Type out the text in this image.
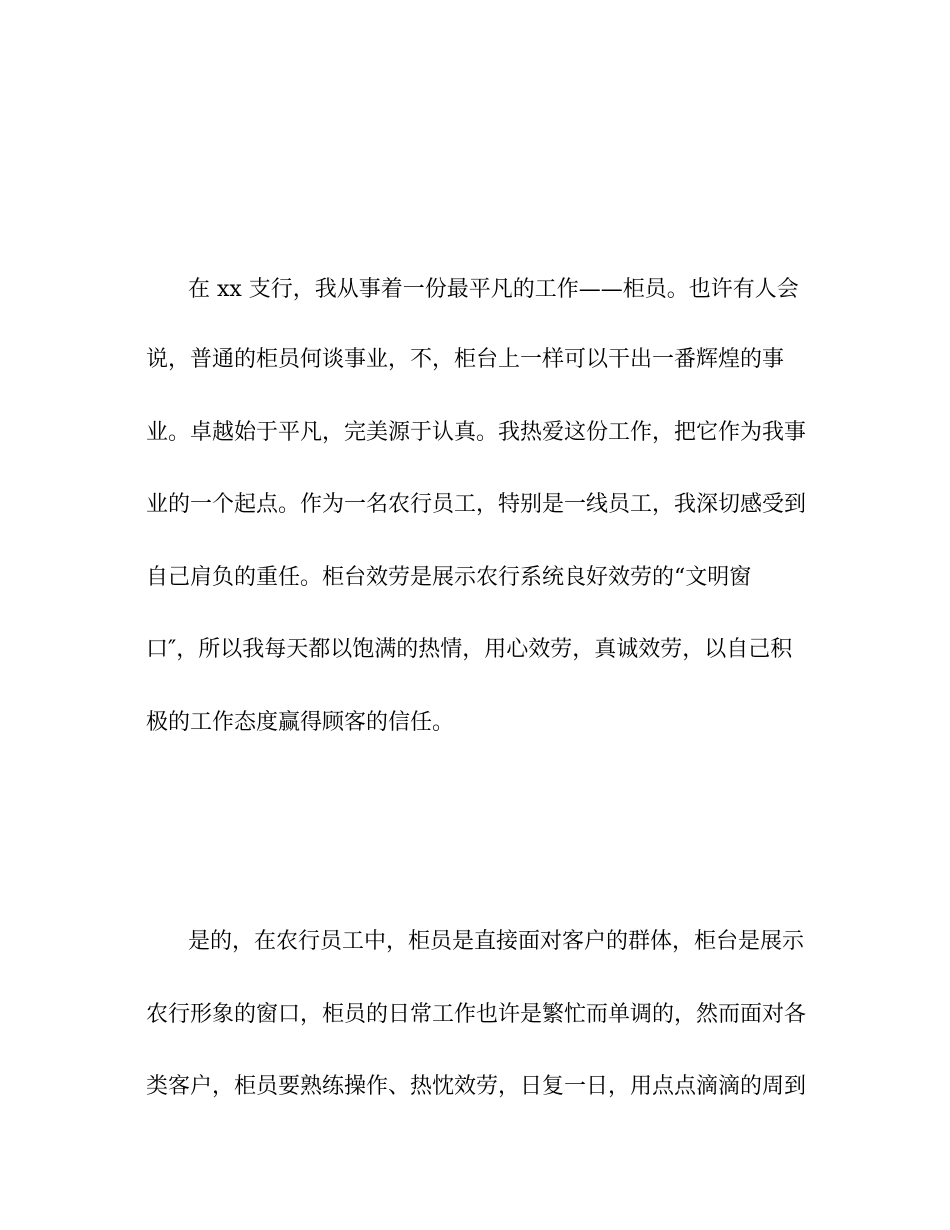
在 xx 支行，我从事着一份最平凡的工作——柜员。也许有人会
说，普通的柜员何谈事业，不，柜台上一样可以干出一番辉煌的事
业。卓越始于平凡，完美源于认真。我热爱这份工作，把它作为我事
业的一个起点。作为一名农行员工，特别是一线员工，我深切感受到
自己肩负的重任。柜台效劳是展示农行系统良好效劳的“文明窗
口″，所以我每天都以饱满的热情，用心效劳，真诚效劳，以自己积
极的工作态度赢得顾客的信任。
是的，在农行员工中，柜员是直接面对客户的群体，柜台是展示
农行形象的窗口，柜员的日常工作也许是繁忙而单调的，然而面对各
类客户，柜员要熟练操作、热忱效劳，日复一日，用点点滴滴的周到
